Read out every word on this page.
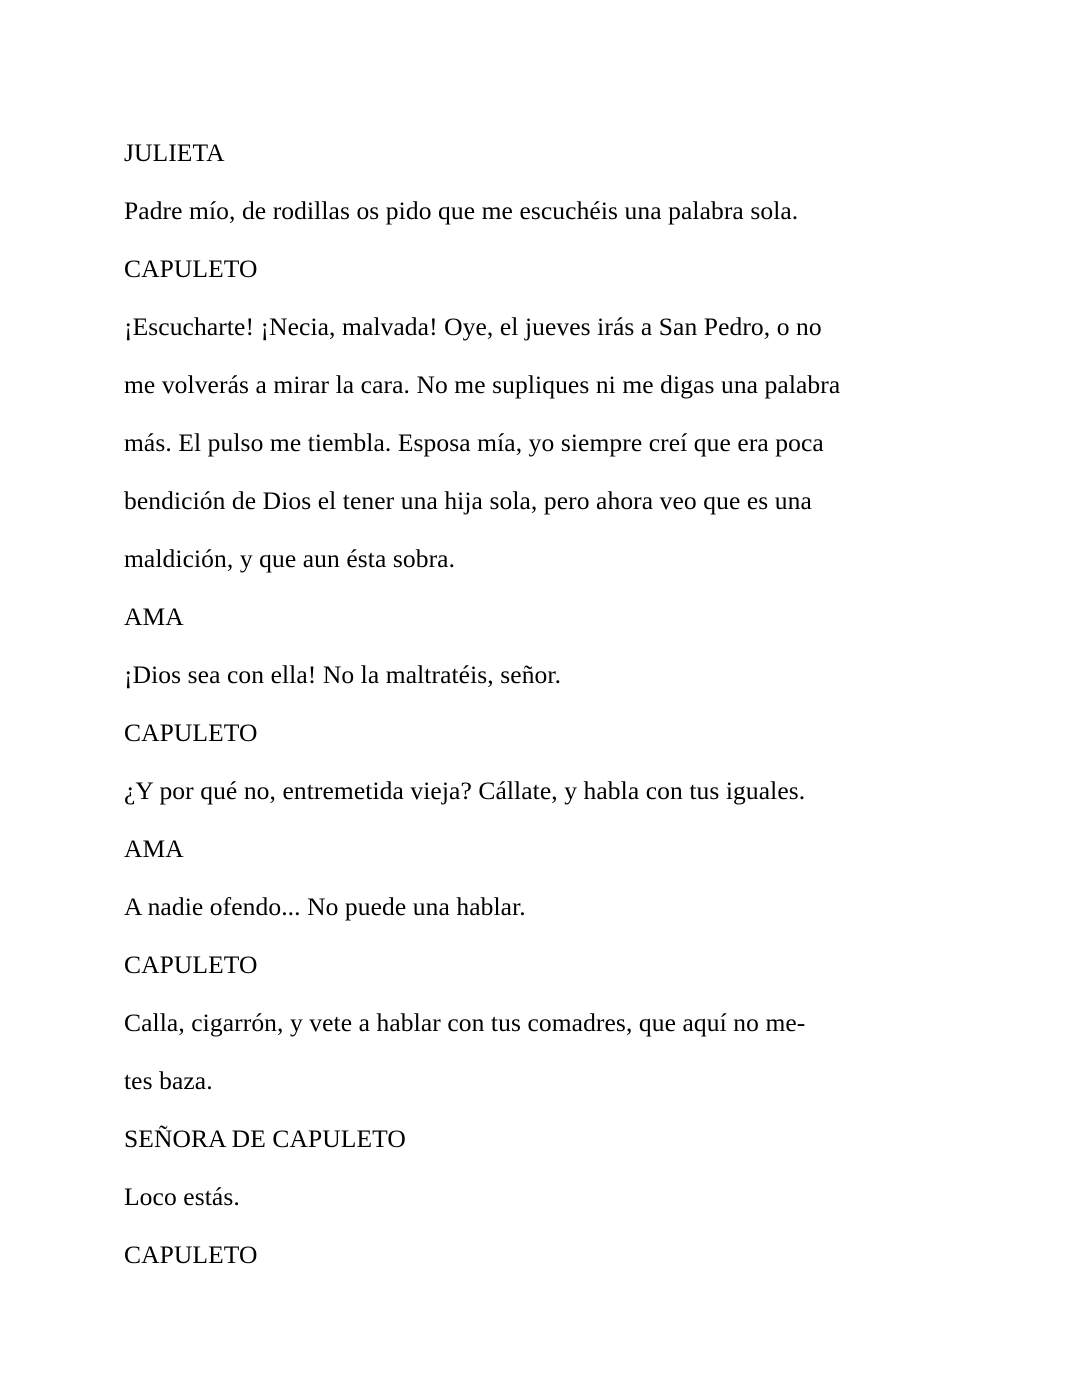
JULIETA
Padre mío, de rodillas os pido que me escuchéis una palabra sola.
CAPULETO
¡Escucharte! ¡Necia, malvada! Oye, el jueves irás a San Pedro, o no
me volverás a mirar la cara. No me supliques ni me digas una palabra
más. El pulso me tiembla. Esposa mía, yo siempre creí que era poca
bendición de Dios el tener una hija sola, pero ahora veo que es una
maldición, y que aun ésta sobra.
AMA
¡Dios sea con ella! No la maltratéis, señor.
CAPULETO
¿Y por qué no, entremetida vieja? Cállate, y habla con tus iguales.
AMA
A nadie ofendo... No puede una hablar.
CAPULETO
Calla, cigarrón, y vete a hablar con tus comadres, que aquí no me-
tes baza.
SEÑORA DE CAPULETO
Loco estás.
CAPULETO
